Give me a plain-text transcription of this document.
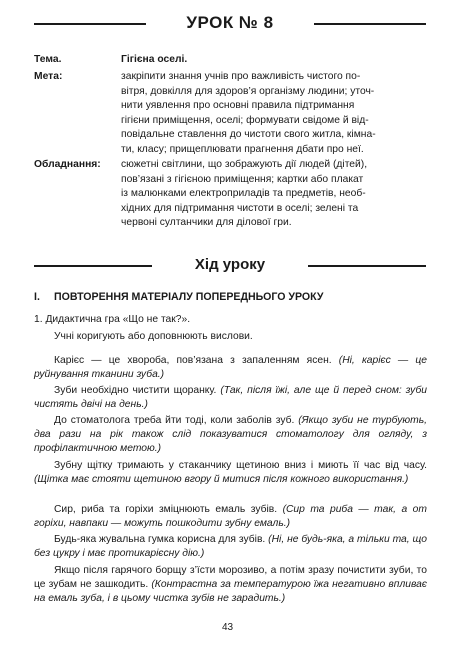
УРОК № 8
Тема.	Гігієна оселі.
Мета:	закріпити знання учнів про важливість чистого по-
вітря, довкілля для здоров’я організму людини; уточ-
нити уявлення про основні правила підтримання
гігієни приміщення, оселі; формувати свідоме й від-
повідальне ставлення до чистоти свого житла, кімна-
ти, класу; прищеплювати прагнення дбати про неї.
Обладнання: сюжетні світлини, що зображують дії людей (дітей),
пов’язані з гігієною приміщення; картки або плакат
із малюнками електроприладів та предметів, необ-
хідних для підтримання чистоти в оселі; зелені та
червоні султанчики для ділової гри.
Хід уроку
I. ПОВТОРЕННЯ МАТЕРІАЛУ ПОПЕРЕДНЬОГО УРОКУ
1. Дидактична гра «Що не так?».
Учні коригують або доповнюють вислови.
Карієс — це хвороба, пов’язана з запаленням ясен. (Ні, карієс — це руйнування тканини зуба.)
Зуби необхідно чистити щоранку. (Так, після їжі, але ще й перед сном: зуби чистять двічі на день.)
До стоматолога треба йти тоді, коли заболів зуб. (Якщо зуби не турбують, два рази на рік також слід показуватися стоматологу для огляду, з профілактичною метою.)
Зубну щітку тримають у стаканчику щетиною вниз і миють її час від часу. (Щітка має стояти щетиною вгору й митися після кожного використання.)
Сир, риба та горіхи зміцнюють емаль зубів. (Сир та риба — так, а от горіхи, навпаки — можуть пошкодити зубну емаль.)
Будь-яка жувальна гумка корисна для зубів. (Ні, не будь-яка, а тільки та, що без цукру і має протикарієсну дію.)
Якщо після гарячого борщу з’їсти морозиво, а потім зразу почистити зуби, то це зубам не зашкодить. (Контрастна за температурою їжа негативно впливає на емаль зуба, і в цьому чистка зубів не зарадить.)
43
